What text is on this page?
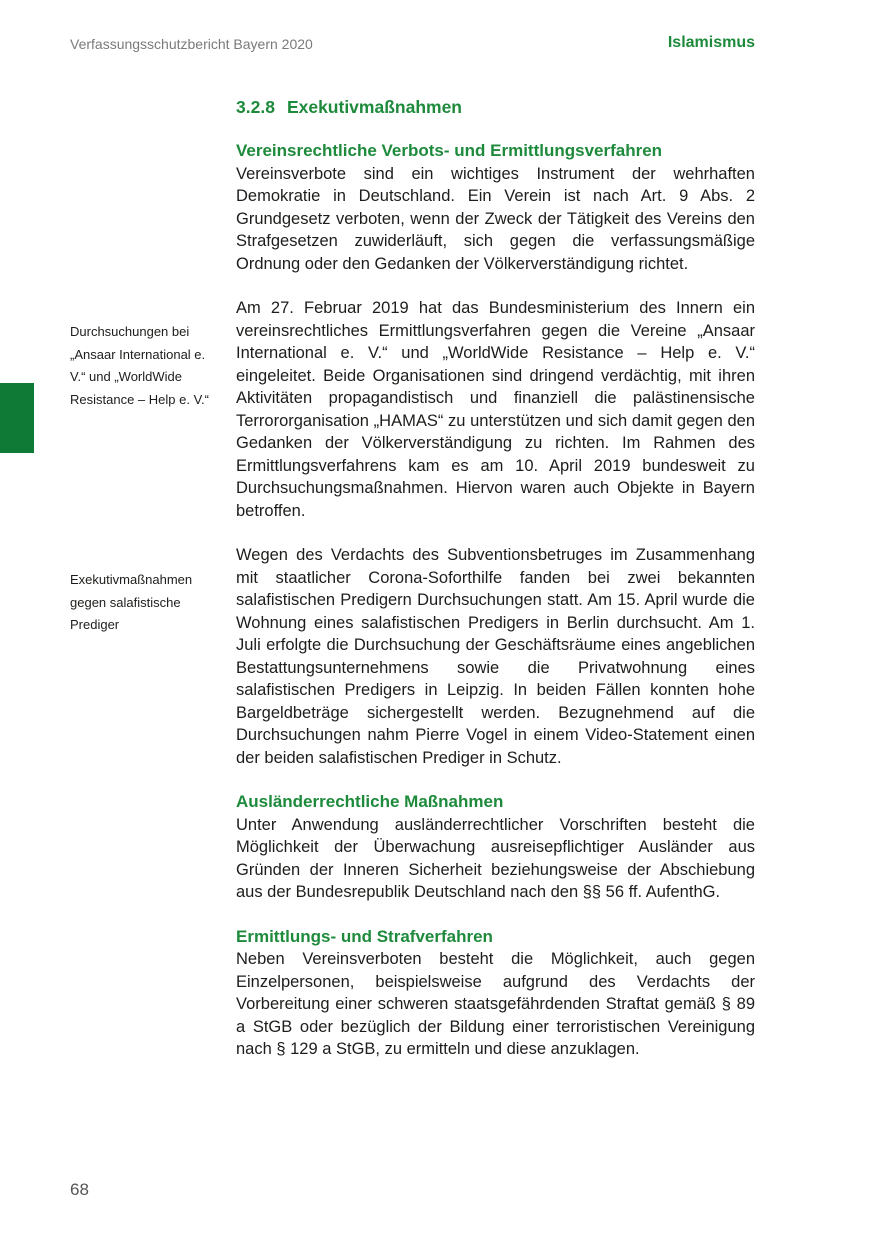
Verfassungsschutzbericht Bayern 2020	Islamismus
Durchsuchungen bei „Ansaar International e. V.“ und „WorldWide Resistance – Help e. V.“
Exekutivmaßnahmen gegen salafistische Prediger
3.2.8 Exekutivmaßnahmen
Vereinsrechtliche Verbots- und Ermittlungsverfahren

Vereinsverbote sind ein wichtiges Instrument der wehrhaften Demokratie in Deutschland. Ein Verein ist nach Art. 9 Abs. 2 Grundgesetz verboten, wenn der Zweck der Tätigkeit des Vereins den Strafgesetzen zuwiderläuft, sich gegen die verfassungsmäßige Ordnung oder den Gedanken der Völkerverständigung richtet.

Am 27. Februar 2019 hat das Bundesministerium des Innern ein vereinsrechtliches Ermittlungsverfahren gegen die Vereine „Ansaar International e. V.“ und „WorldWide Resistance – Help e. V.“ eingeleitet. Beide Organisationen sind dringend verdächtig, mit ihren Aktivitäten propagandistisch und finanziell die palästinensische Terrororganisation „HAMAS“ zu unterstützen und sich damit gegen den Gedanken der Völkerverständigung zu richten. Im Rahmen des Ermittlungsverfahrens kam es am 10. April 2019 bundesweit zu Durchsuchungsmaßnahmen. Hiervon waren auch Objekte in Bayern betroffen.

Wegen des Verdachts des Subventionsbetruges im Zusammenhang mit staatlicher Corona-Soforthilfe fanden bei zwei bekannten salafistischen Predigern Durchsuchungen statt. Am 15. April wurde die Wohnung eines salafistischen Predigers in Berlin durchsucht. Am 1. Juli erfolgte die Durchsuchung der Geschäftsräume eines angeblichen Bestattungsunternehmens sowie die Privatwohnung eines salafistischen Predigers in Leipzig. In beiden Fällen konnten hohe Bargeldbeträge sichergestellt werden. Bezugnehmend auf die Durchsuchungen nahm Pierre Vogel in einem Video-Statement einen der beiden salafistischen Prediger in Schutz.

Ausländerrechtliche Maßnahmen

Unter Anwendung ausländerrechtlicher Vorschriften besteht die Möglichkeit der Überwachung ausreisepflichtiger Ausländer aus Gründen der Inneren Sicherheit beziehungsweise der Abschiebung aus der Bundesrepublik Deutschland nach den §§ 56 ff. AufenthG.

Ermittlungs- und Strafverfahren

Neben Vereinsverboten besteht die Möglichkeit, auch gegen Einzelpersonen, beispielsweise aufgrund des Verdachts der Vorbereitung einer schweren staatsgefährdenden Straftat gemäß § 89 a StGB oder bezüglich der Bildung einer terroristischen Vereinigung nach § 129 a StGB, zu ermitteln und diese anzuklagen.

68
